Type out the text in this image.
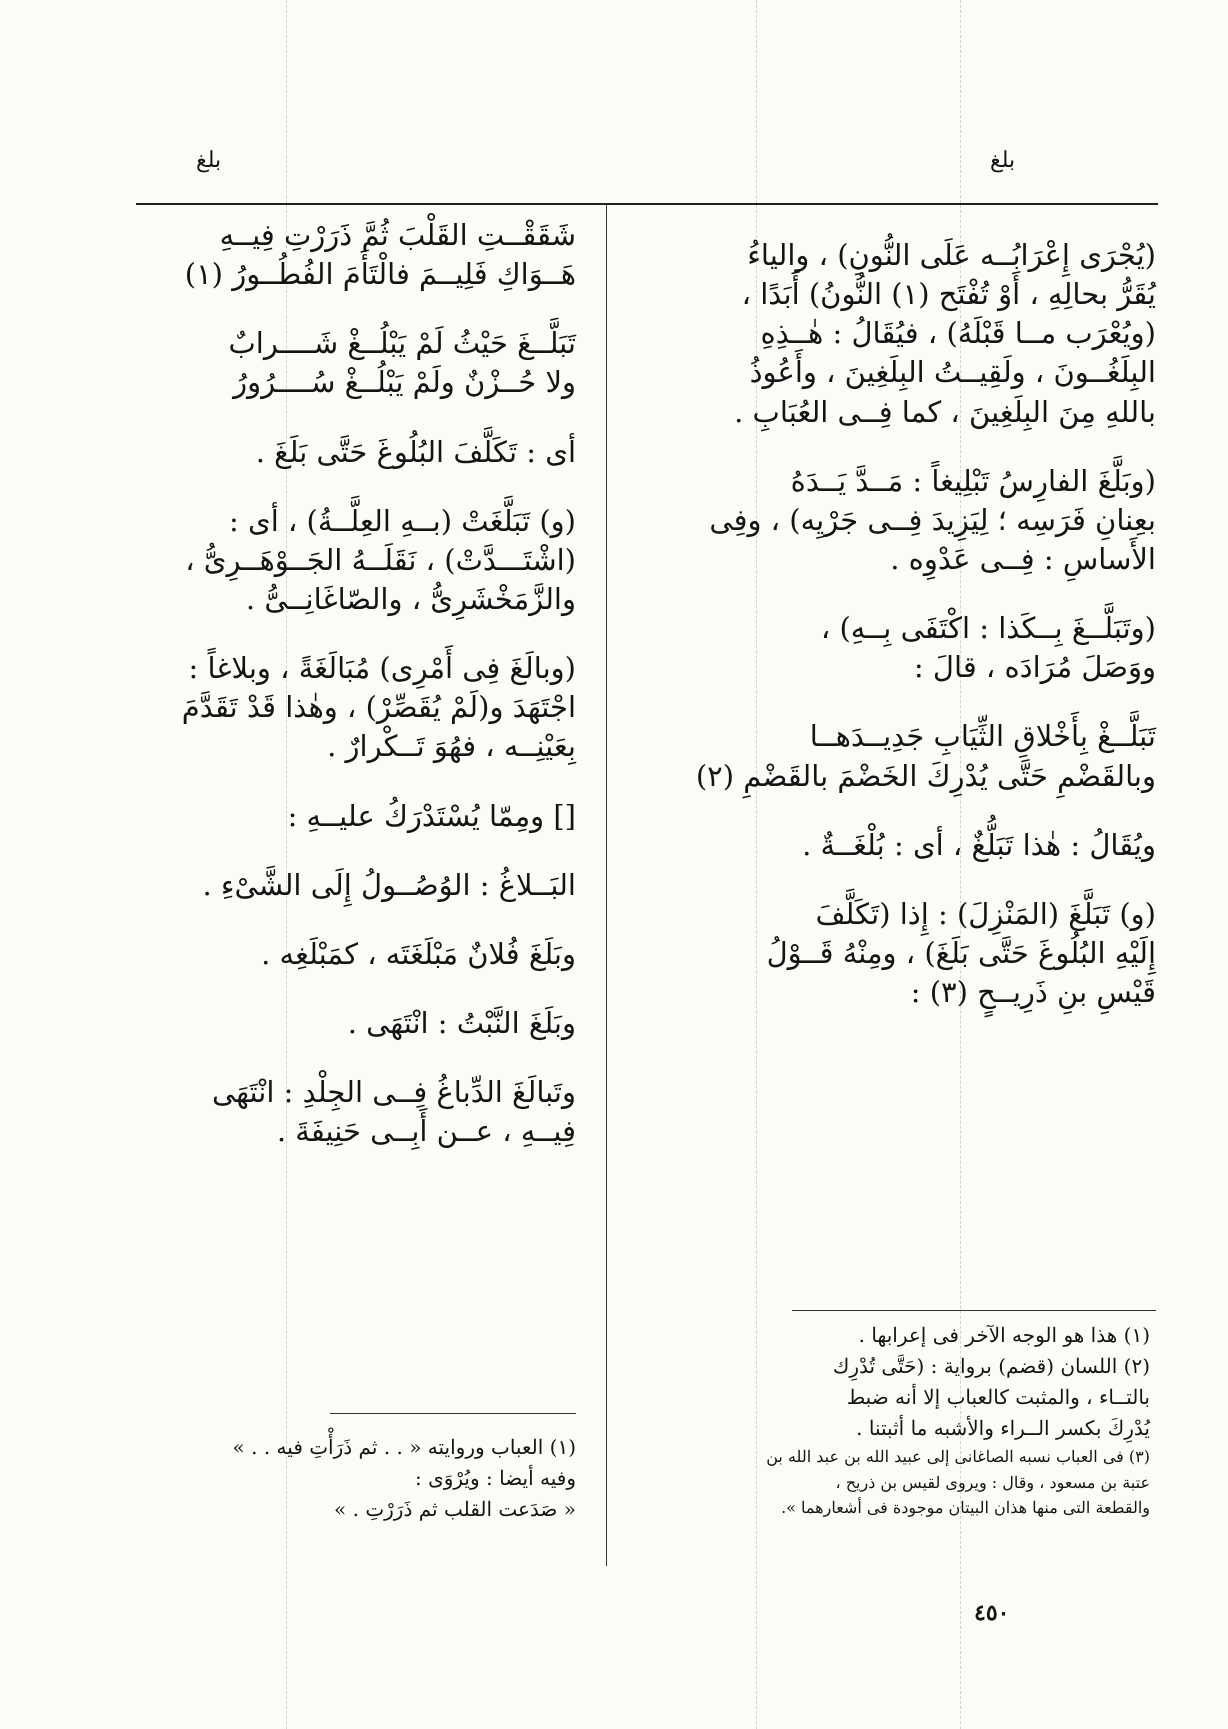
بلغ	بلغ

شَقَقْــتِ القَلْبَ ثُمَّ ذَرَرْتِ فِيــهِ

هَــوَاكِ فَلِيــمَ فالْتَأَمَ الفُطُــورُ (١)

تَبَلَّــغَ حَيْثُ لَمْ يَبْلُــغْ شَــــرابٌ

ولا حُــزْنٌ ولَمْ يَبْلُــغْ سُــــرُورُ

أى : تَكَلَّفَ البُلُوغَ حَتَّى بَلَغَ .

(و) تَبَلَّغَتْ (بــهِ العِلَّــةُ) ، أى :

(اشْتَـــدَّتْ) ، نَقَلَــهُ الجَــوْهَــرِىُّ ،

والزَّمَخْشَرِىُّ ، والصّاغَانِــىُّ .

(وبالَغَ فِى أَمْرِى) مُبَالَغَةً ، وبلاغاً :

اجْتَهَدَ و(لَمْ يُقَصِّرْ) ، وهٰذا قَدْ تَقَدَّمَ

بِعَيْنِــه ، فهُوَ تَــكْرارٌ .

[] ومِمّا يُسْتَدْرَكُ عليــهِ :

البَــلاغُ : الوُصُــولُ إِلَى الشَّىْءِ .

وبَلَغَ فُلانٌ مَبْلَغَتَه ، كمَبْلَغِه .

وبَلَغَ النَّبْتُ : انْتَهَى .

وتَبالَغَ الدِّباغُ فِــى الجِلْدِ : انْتَهَى

فِيــهِ ، عــن أَبِــى حَنِيفَةَ .

(يُجْرَى إِعْرَابُــه عَلَى النُّونِ) ، والياءُ

يُقَرُّ بحالِهِ ، أَوْ تُفْتَح (١) النُّونُ) أَبَدًا ،

(ويُعْرَب مــا قَبْلَهُ) ، فيُقَالُ : هٰــذِهِ

البِلَغُــونَ ، ولَقِيــتُ البِلَغِينَ ، وأَعُوذُ

باللهِ مِنَ البِلَغِينَ ، كما فِــى العُبَابِ .

(وبَلَّغَ الفارِسُ تَبْلِيغاً : مَــدَّ يَــدَهُ

بعِنانِ فَرَسِه ؛ لِيَزِيدَ فِــى جَرْيِه) ، وفِى

الأَساسِ : فِــى عَدْوِه .

(وتَبَلَّــغَ بِــكَذا : اكْتَفَى بِــهِ) ،

ووَصَلَ مُرَادَه ، قالَ :

تَبَلَّــغْ بِأَخْلاقِ الثِّيَابِ جَدِيــدَهــا

وبالقَضْمِ حَتَّى يُدْرِكَ الخَضْمَ بالقَضْمِ (٢)

ويُقَالُ : هٰذا تَبَلُّغٌ ، أى : بُلْغَــةٌ .

(و) تَبَلَّغَ (المَنْزِلَ) : إِذا (تَكَلَّفَ

إِلَيْهِ البُلُوغَ حَتَّى بَلَغَ) ، ومِنْهُ قَــوْلُ

قَيْسِ بنِ ذَرِيــحٍ (٣) :

(١) العباب وروايته « . . ثم ذَرَأْتِ فيه . . »

وفيه أيضا : ويُرْوَى :

« صَدَعت القلب ثم ذَرَرْتِ . »

(١) هذا هو الوجه الآخر فى إعرابها .

(٢) اللسان (قضم) برواية : (حَتَّى تُدْرِك

بالتــاء ، والمثبت كالعباب إلا أنه ضبط

يُدْرِكَ بكسر الــراء والأشبه ما أثبتنا .

(٣) فى العباب نسبه الصاغانى إلى عبيد الله بن عبد الله بن

عتبة بن مسعود ، وقال : ويروى لقيس بن ذريح ،

والقطعة التى منها هذان البيتان موجودة فى أشعارهما ».

٤٥٠
